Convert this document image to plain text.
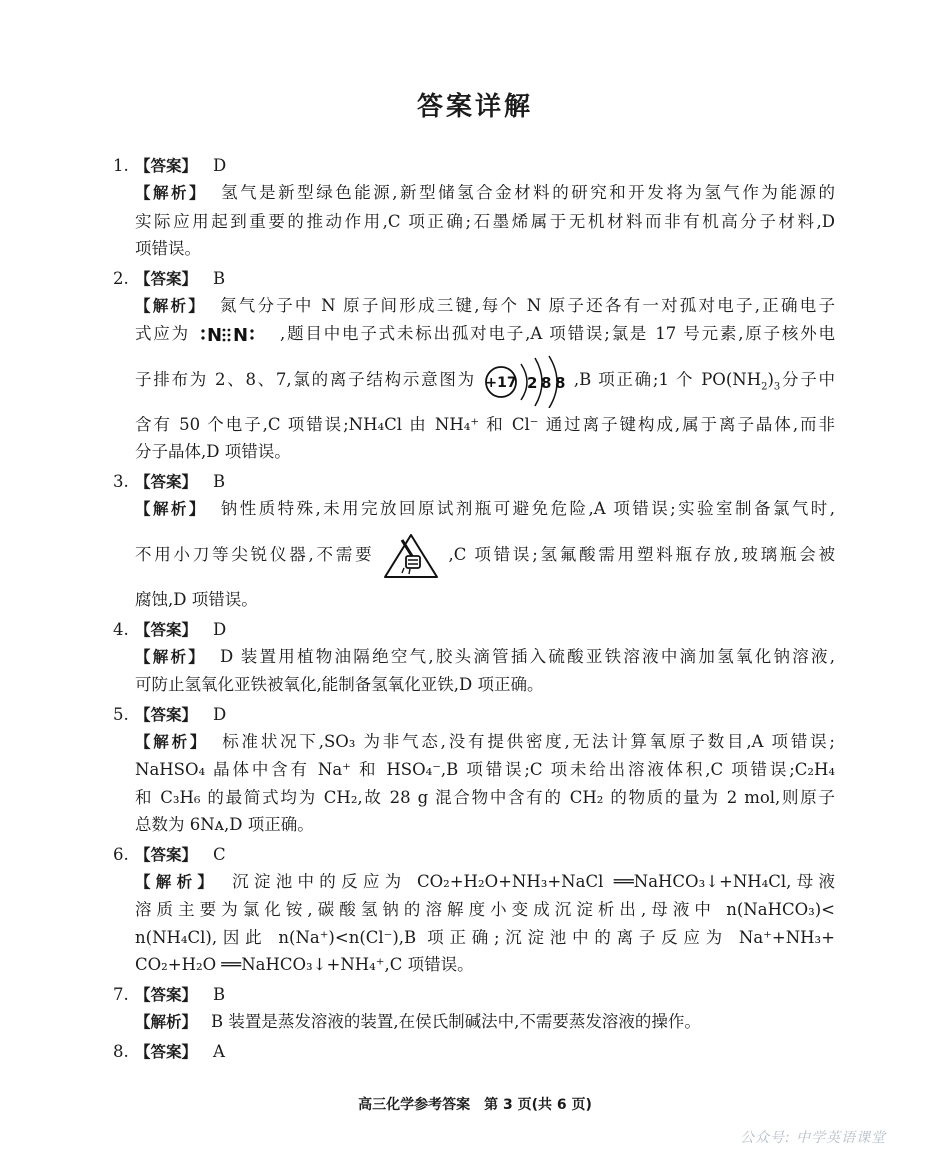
答案详解
1. 【答案】 D
【解析】 氢气是新型绿色能源,新型储氢合金材料的研究和开发将为氢气作为能源的
实际应用起到重要的推动作用,C 项正确;石墨烯属于无机材料而非有机高分子材料,D
项错误。
2. 【答案】 B
【解析】 氮气分子中 N 原子间形成三键,每个 N 原子还各有一对孤对电子,正确电子
式应为 N N ,题目中电子式未标出孤对电子,A 项错误;氯是 17 号元素,原子核外电
子排布为 2、8、7,氯的离子结构示意图为 +17 2 8 8 ,B 项正确;1 个 $PO(NH_2)_3$分子中
含有 50 个电子,C 项错误;NH₄Cl 由 NH₄⁺ 和 Cl⁻ 通过离子键构成,属于离子晶体,而非
分子晶体,D 项错误。
3. 【答案】 B
【解析】 钠性质特殊,未用完放回原试剂瓶可避免危险,A 项错误;实验室制备氯气时,
不用小刀等尖锐仪器,不需要	,C 项错误;氢氟酸需用塑料瓶存放,玻璃瓶会被
腐蚀,D 项错误。
4. 【答案】 D
【解析】 D 装置用植物油隔绝空气,胶头滴管插入硫酸亚铁溶液中滴加氢氧化钠溶液,
可防止氢氧化亚铁被氧化,能制备氢氧化亚铁,D 项正确。
5. 【答案】 D
【解析】 标准状况下,SO₃ 为非气态,没有提供密度,无法计算氧原子数目,A 项错误;
NaHSO₄ 晶体中含有 Na⁺ 和 HSO₄⁻,B 项错误;C 项未给出溶液体积,C 项错误;C₂H₄
和 C₃H₆ 的最简式均为 CH₂,故 28 g 混合物中含有的 CH₂ 的物质的量为 2 mol,则原子
总数为 6Nᴀ,D 项正确。
6. 【答案】 C
【解析】 沉淀池中的反应为 CO₂+H₂O+NH₃+NaCl ══NaHCO₃↓+NH₄Cl,母液
溶质主要为氯化铵,碳酸氢钠的溶解度小变成沉淀析出,母液中 n(NaHCO₃)<
n(NH₄Cl),因此 n(Na⁺)<n(Cl⁻),B 项正确;沉淀池中的离子反应为 Na⁺+NH₃+
CO₂+H₂O ══NaHCO₃↓+NH₄⁺,C 项错误。
7. 【答案】 B
【解析】 B 装置是蒸发溶液的装置,在侯氏制碱法中,不需要蒸发溶液的操作。
8. 【答案】 A
高三化学参考答案　第 3 页(共 6 页)
公众号: 中学英语课堂
